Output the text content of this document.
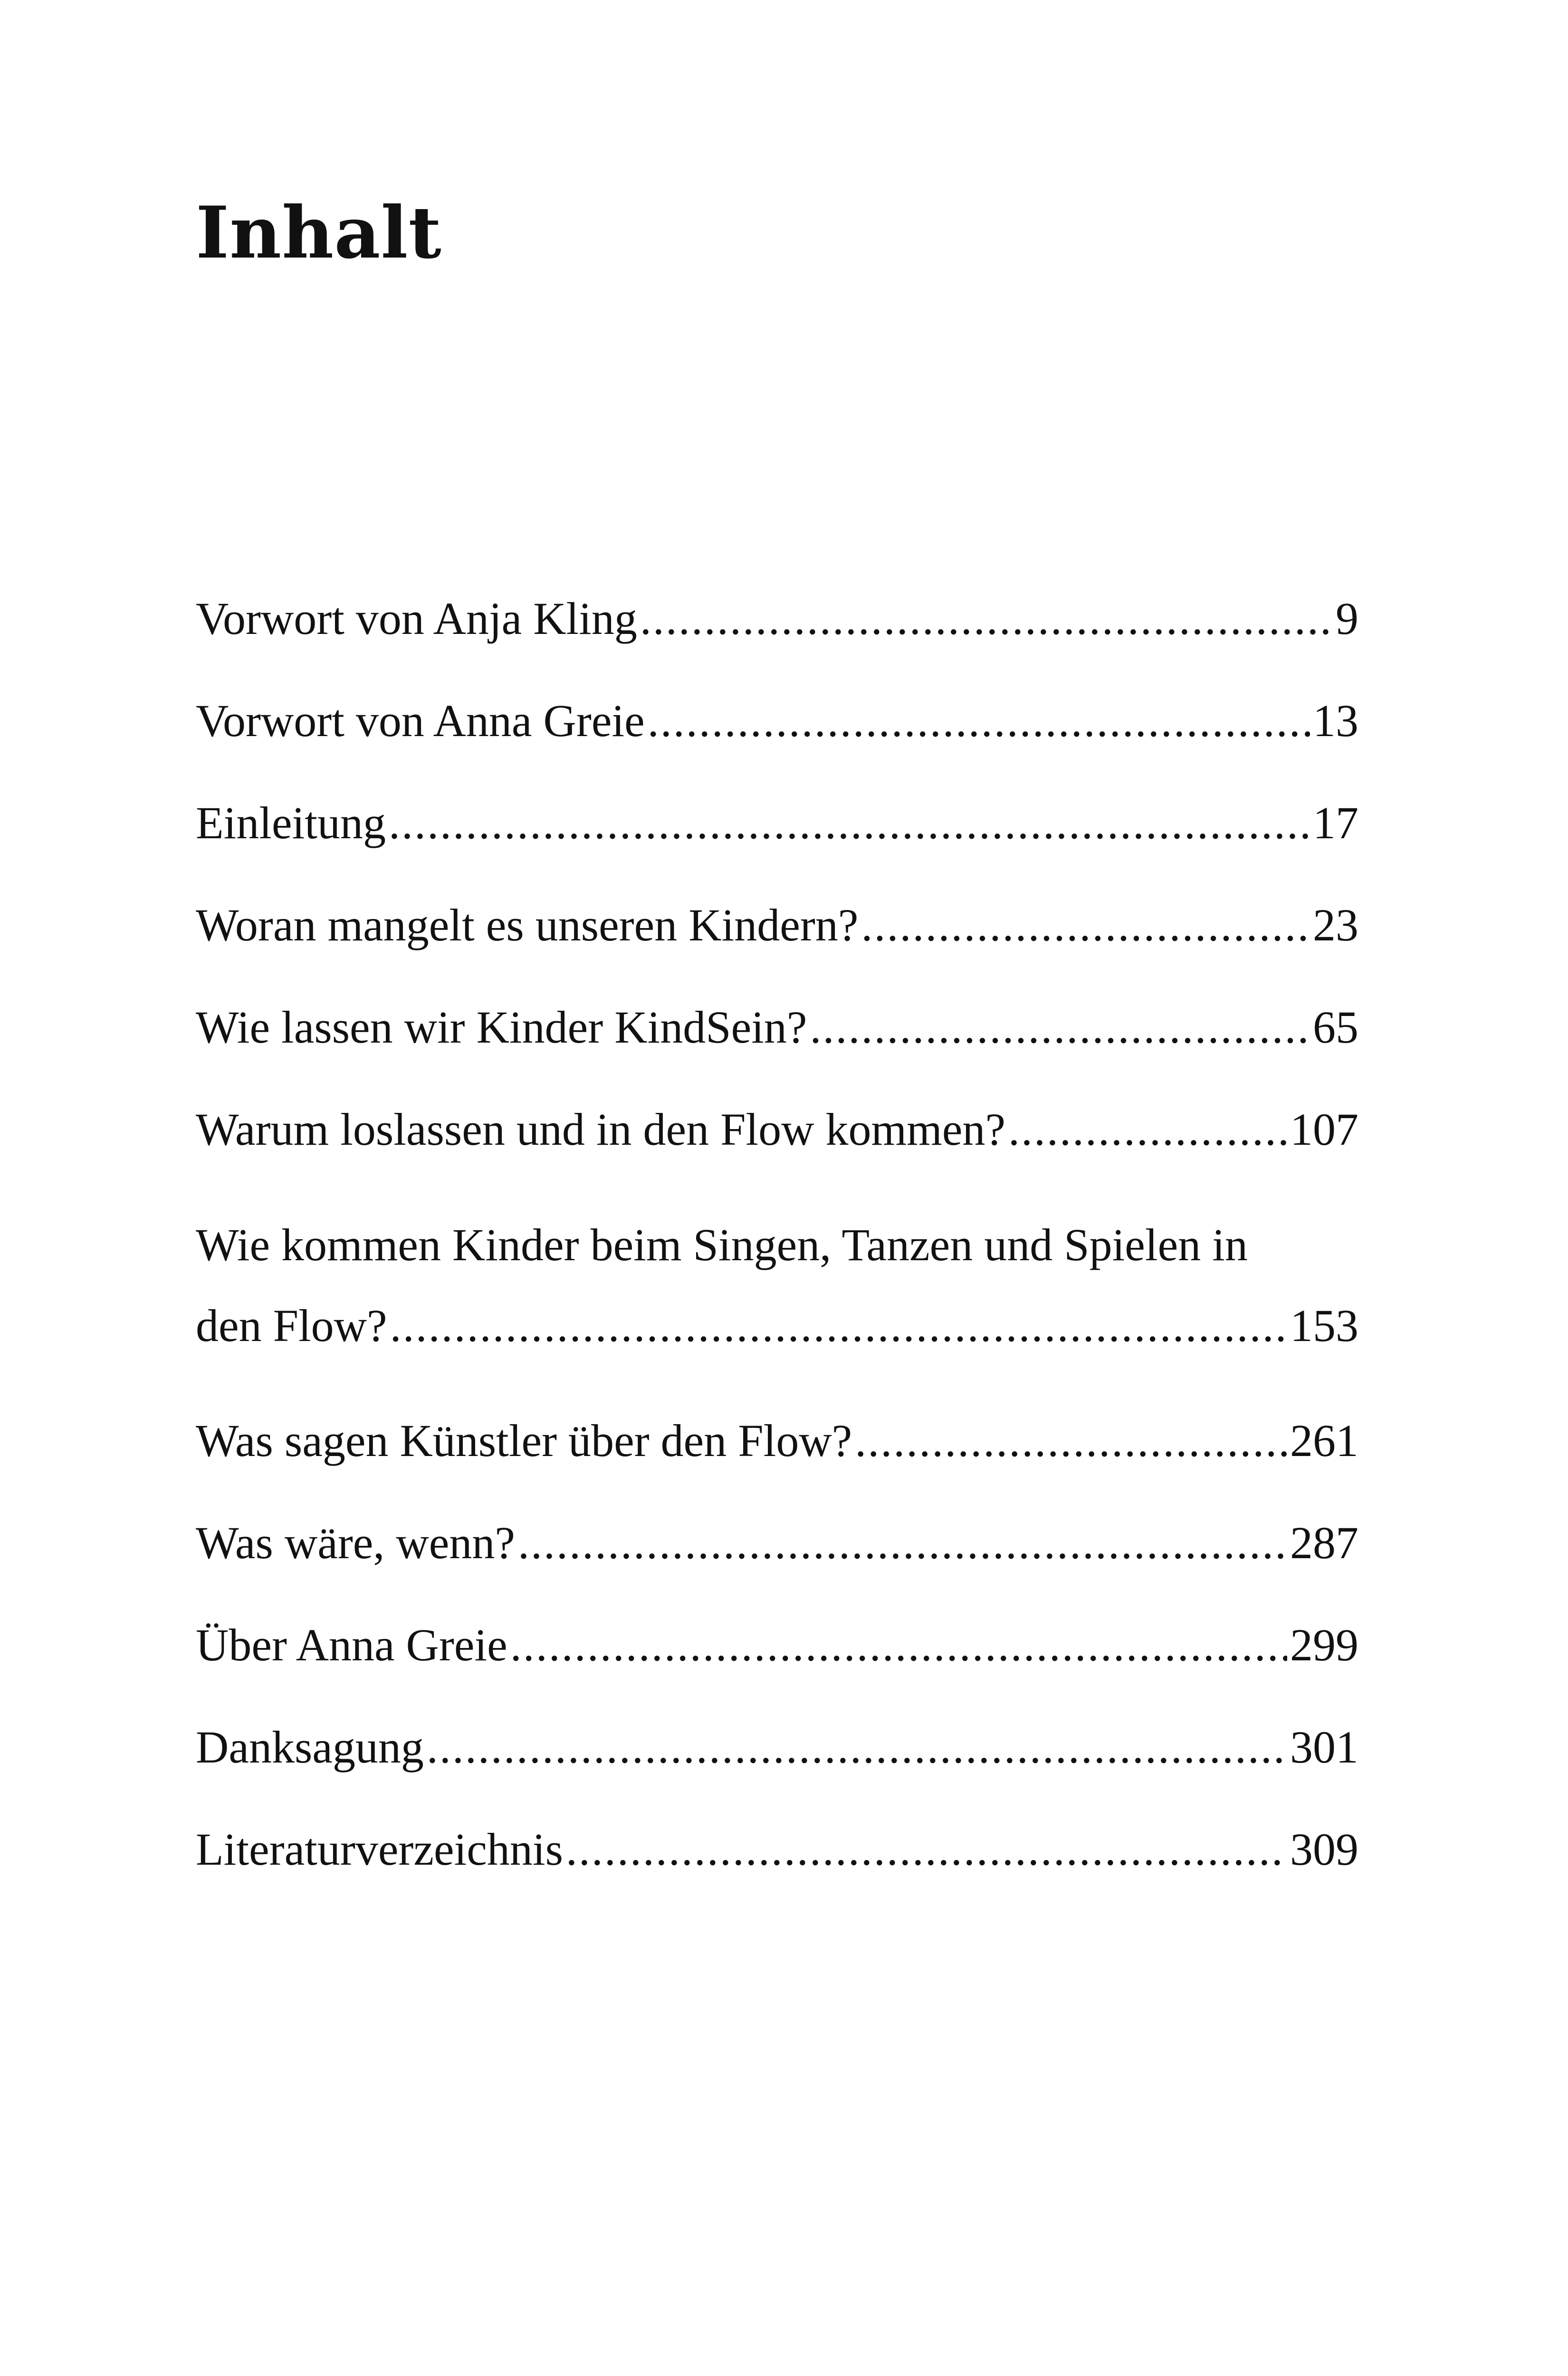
Inhalt
Vorwort von Anja Kling .....	9
Vorwort von Anna Greie .....	13
Einleitung .....	17
Woran mangelt es unseren Kindern? .....	23
Wie lassen wir Kinder KindSein? .....	65
Warum loslassen und in den Flow kommen? .....	107
Wie kommen Kinder beim Singen, Tanzen und Spielen in
den Flow? .....	153
Was sagen Künstler über den Flow? .....	261
Was wäre, wenn? .....	287
Über Anna Greie .....	299
Danksagung .....	301
Literaturverzeichnis .....	309
